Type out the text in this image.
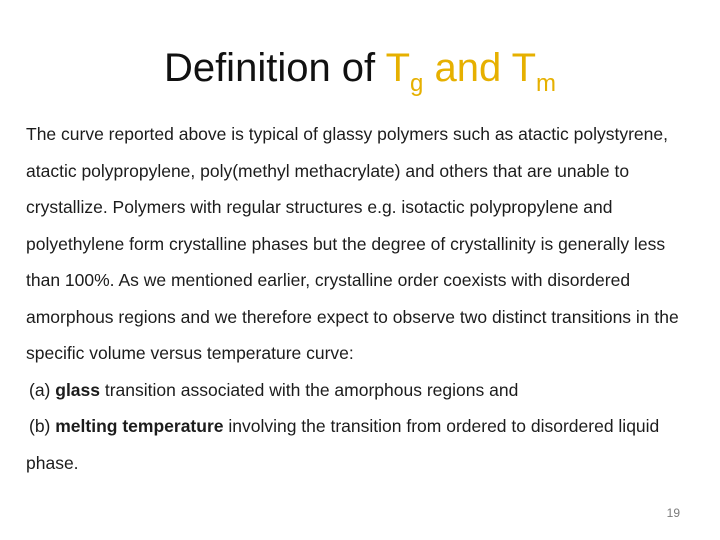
Definition of $T_g$ and $T_m$

The curve reported above is typical of glassy polymers such as atactic polystyrene, atactic polypropylene, poly(methyl methacrylate) and others that are unable to crystallize. Polymers with regular structures e.g. isotactic polypropylene and polyethylene form crystalline phases but the degree of crystallinity is generally less than 100%. As we mentioned earlier, crystalline order coexists with disordered amorphous regions and we therefore expect to observe two distinct transitions in the specific volume versus temperature curve:

(a) glass transition associated with the amorphous regions and

(b) melting temperature involving the transition from ordered to disordered liquid phase.

19
